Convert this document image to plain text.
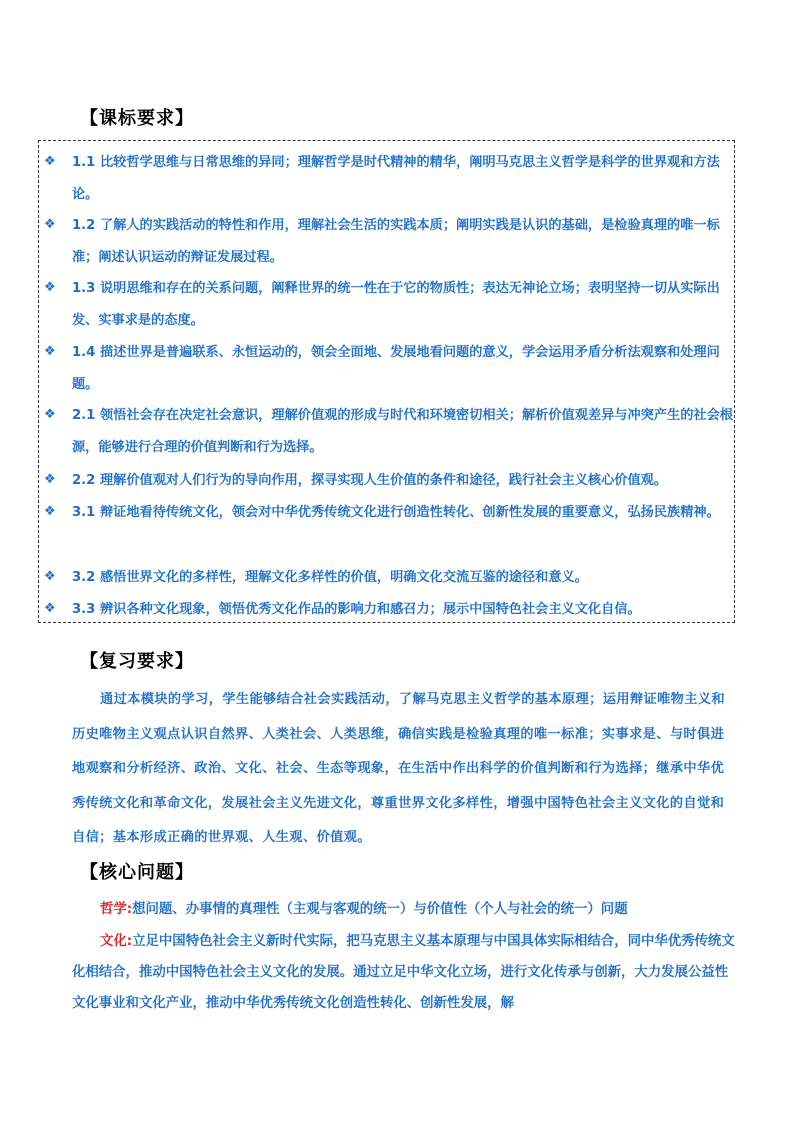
【课标要求】
❖ 1.1 比较哲学思维与日常思维的异同；理解哲学是时代精神的精华，阐明马克思主义哲学是科学的世界观和方法论。
❖ 1.2 了解人的实践活动的特性和作用，理解社会生活的实践本质；阐明实践是认识的基础，是检验真理的唯一标准；阐述认识运动的辩证发展过程。
❖ 1.3 说明思维和存在的关系问题，阐释世界的统一性在于它的物质性；表达无神论立场；表明坚持一切从实际出发、实事求是的态度。
❖ 1.4 描述世界是普遍联系、永恒运动的，领会全面地、发展地看问题的意义，学会运用矛盾分析法观察和处理问题。
❖ 2.1 领悟社会存在决定社会意识，理解价值观的形成与时代和环境密切相关；解析价值观差异与冲突产生的社会根源，能够进行合理的价值判断和行为选择。
❖ 2.2 理解价值观对人们行为的导向作用，探寻实现人生价值的条件和途径，践行社会主义核心价值观。
❖ 3.1 辩证地看待传统文化，领会对中华优秀传统文化进行创造性转化、创新性发展的重要意义，弘扬民族精神。
❖ 3.2 感悟世界文化的多样性，理解文化多样性的价值，明确文化交流互鉴的途径和意义。
❖ 3.3 辨识各种文化现象，领悟优秀文化作品的影响力和感召力；展示中国特色社会主义文化自信。
【复习要求】
通过本模块的学习，学生能够结合社会实践活动，了解马克思主义哲学的基本原理；运用辩证唯物主义和历史唯物主义观点认识自然界、人类社会、人类思维，确信实践是检验真理的唯一标准；实事求是、与时俱进地观察和分析经济、政治、文化、社会、生态等现象，在生活中作出科学的价值判断和行为选择；继承中华优秀传统文化和革命文化，发展社会主义先进文化，尊重世界文化多样性，增强中国特色社会主义文化的自觉和自信；基本形成正确的世界观、人生观、价值观。
【核心问题】
哲学:想问题、办事情的真理性（主观与客观的统一）与价值性（个人与社会的统一）问题
文化:立足中国特色社会主义新时代实际，把马克思主义基本原理与中国具体实际相结合，同中华优秀传统文化相结合，推动中国特色社会主义文化的发展。通过立足中华文化立场，进行文化传承与创新，大力发展公益性文化事业和文化产业，推动中华优秀传统文化创造性转化、创新性发展，解
